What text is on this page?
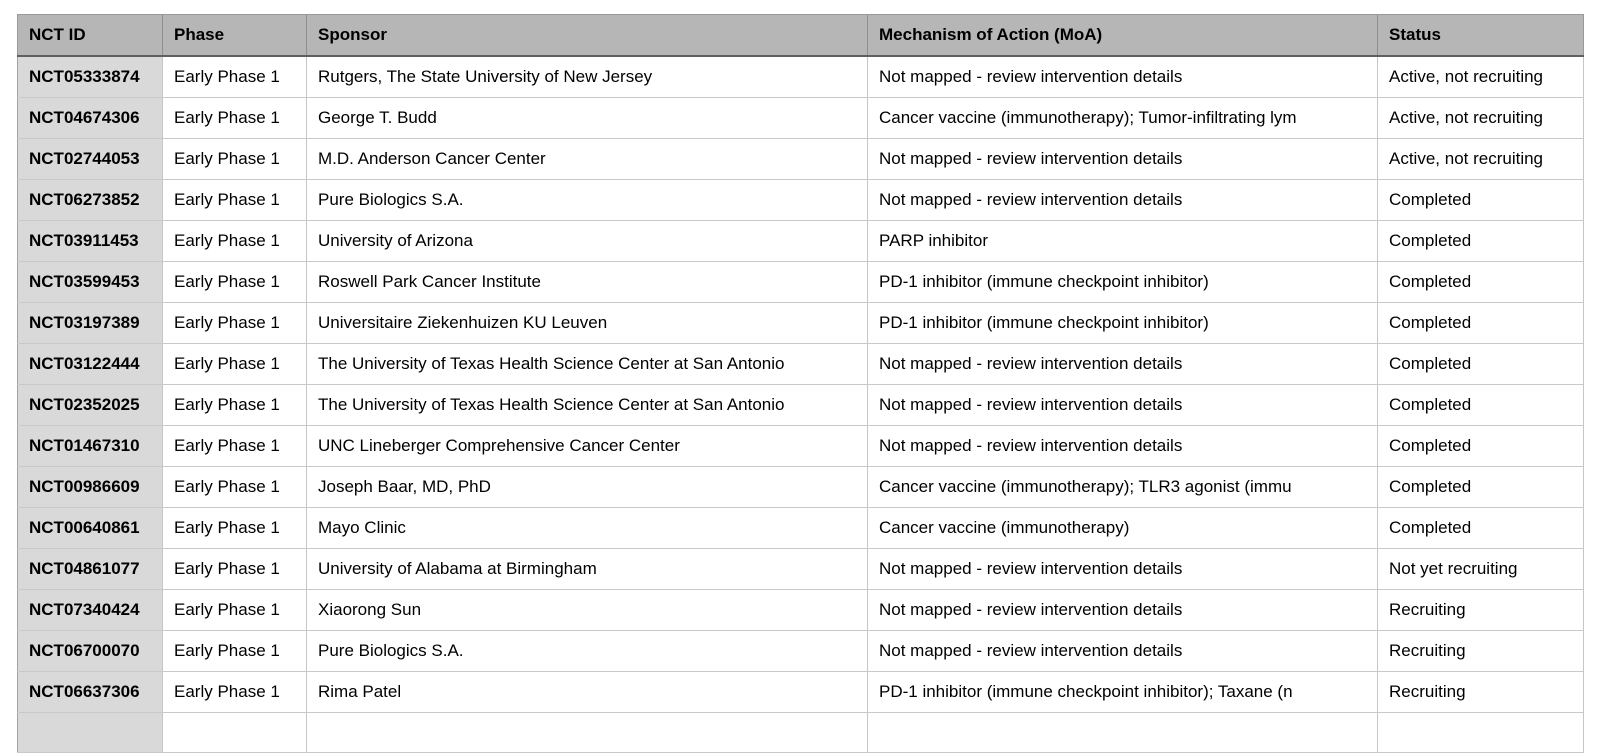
NCT ID	Phase	Sponsor	Mechanism of Action (MoA)	Status
NCT05333874	Early Phase 1	Rutgers, The State University of New Jersey	Not mapped - review intervention details	Active, not recruiting
NCT04674306	Early Phase 1	George T. Budd	Cancer vaccine (immunotherapy); Tumor-infiltrating lym	Active, not recruiting
NCT02744053	Early Phase 1	M.D. Anderson Cancer Center	Not mapped - review intervention details	Active, not recruiting
NCT06273852	Early Phase 1	Pure Biologics S.A.	Not mapped - review intervention details	Completed
NCT03911453	Early Phase 1	University of Arizona	PARP inhibitor	Completed
NCT03599453	Early Phase 1	Roswell Park Cancer Institute	PD-1 inhibitor (immune checkpoint inhibitor)	Completed
NCT03197389	Early Phase 1	Universitaire Ziekenhuizen KU Leuven	PD-1 inhibitor (immune checkpoint inhibitor)	Completed
NCT03122444	Early Phase 1	The University of Texas Health Science Center at San Antonio	Not mapped - review intervention details	Completed
NCT02352025	Early Phase 1	The University of Texas Health Science Center at San Antonio	Not mapped - review intervention details	Completed
NCT01467310	Early Phase 1	UNC Lineberger Comprehensive Cancer Center	Not mapped - review intervention details	Completed
NCT00986609	Early Phase 1	Joseph Baar, MD, PhD	Cancer vaccine (immunotherapy); TLR3 agonist (immu	Completed
NCT00640861	Early Phase 1	Mayo Clinic	Cancer vaccine (immunotherapy)	Completed
NCT04861077	Early Phase 1	University of Alabama at Birmingham	Not mapped - review intervention details	Not yet recruiting
NCT07340424	Early Phase 1	Xiaorong Sun	Not mapped - review intervention details	Recruiting
NCT06700070	Early Phase 1	Pure Biologics S.A.	Not mapped - review intervention details	Recruiting
NCT06637306	Early Phase 1	Rima Patel	PD-1 inhibitor (immune checkpoint inhibitor); Taxane (n	Recruiting
